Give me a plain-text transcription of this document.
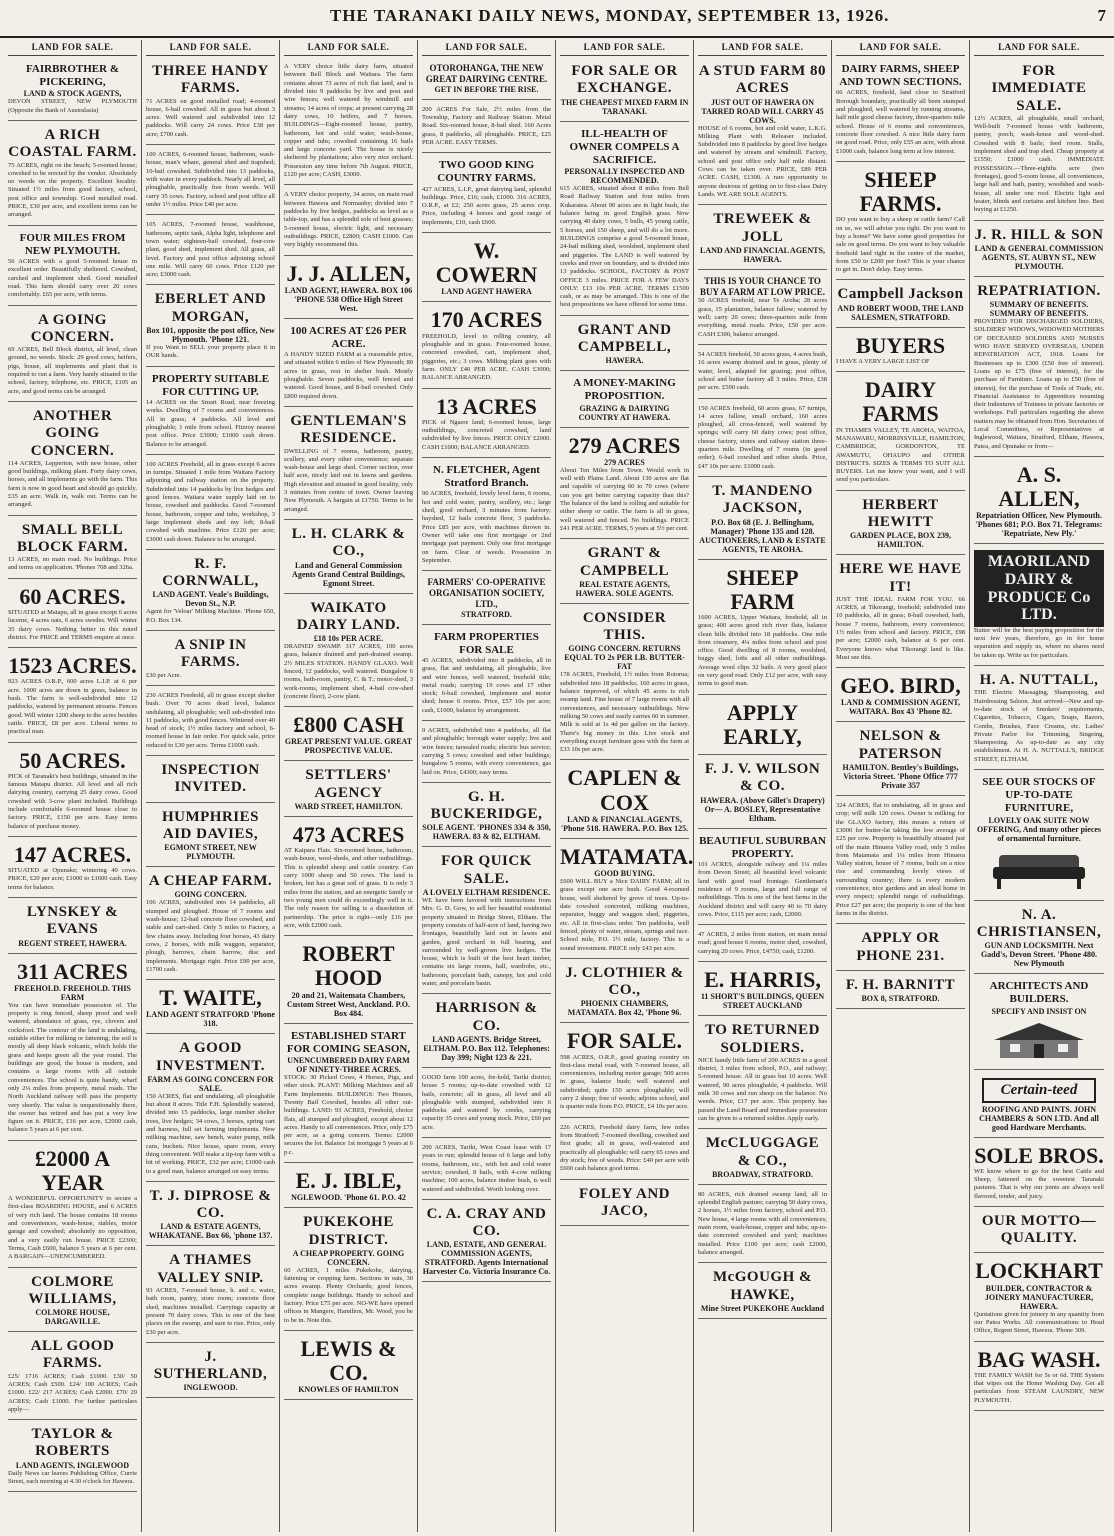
THE TARANAKI DAILY NEWS, MONDAY, SEPTEMBER 13, 1926.	7
LAND FOR SALE.
FAIRBROTHER & PICKERING,
LAND & STOCK AGENTS,
DEVON STREET, NEW PLYMOUTH (Opposite the Bank of Australasia)
A RICH COASTAL FARM.
75 ACRES, right on the beach; 5-roomed house; cowshed to be erected by the vendor. Absolutely no weeds on the property. Excellent locality. Situated 1½ miles from good factory, school, post office and township. Good metalled road. PRICE, £30 per acre, and excellent terms can be arranged.
FOUR MILES FROM NEW PLYMOUTH.
56 ACRES with a good 5-roomed house in excellent order. Beautifully sheltered. Cowshed, carshed and implement shed. Good metalled road. This farm should carry over 20 cows comfortably. £65 per acre, with terms.
A GOING CONCERN.
69 ACRES, Bell Block district, all level, clean ground, no weeds. Stock: 29 good cows, heifers, pigs, house, all implements and plant that is required to run a farm. Very handy situated to the school, factory, telephone, etc. PRICE, £105 an acre, and good terms can be arranged.
ANOTHER GOING CONCERN.
114 ACRES, Lepperton, with new house, other good buildings, milking plant. Forty dairy cows, horses, and all implements go with the farm. This farm is now in good heart and should go quickly. £35 an acre. Walk in, walk out. Terms can be arranged.
SMALL BELL BLOCK FARM.
13 ACRES, no main road. No buildings. Price and terms on application. 'Phones 708 and 326a.
60 ACRES.
SITUATED at Matapu, all in grass except 6 acres lucerne, 4 acres oats, 6 acres swedes. Will winter 35 dairy cows. Nothing better in this noted district. For PRICE and TERMS enquire at once.
1523 ACRES.
923 ACRES O.R.P., 600 acres L.I.P. at 6 per acre. 1000 acres are down in grass, balance in bush. The farm is well-subdivided into 12 paddocks, watered by permanent streams. Fences good. Will winter 1200 sheep to the acres besides cattle. PRICE, £8 per acre. Liberal terms to practical man.
50 ACRES.
PICK of Taranaki's best buildings, situated in the famous Matapu district. All level and all rich dairying country, carrying 25 dairy cows. Good cowshed with 3-cow plant included. Buildings include comfortable 6-roomed house close to factory. PRICE, £150 per acre. Easy terms balance of purchase money.
147 ACRES.
SITUATED at Opunake; wintering 40 cows. PRICE, £20 per acre; £1000 to £1600 cash. Easy terms for balance.
LYNSKEY & EVANS
REGENT STREET, HAWERA.
311 ACRES
FREEHOLD. FREEHOLD. THIS FARM
You can have immediate possession of. The property is ring fenced, sheep proof and well watered, abundance of grass, rye, clovers and cocksfoot. The contour of the land is undulating, suitable either for milking or fattening; the soil is mostly all deep black volcanic, which holds the grass and keeps green all the year round. The buildings are good, the house is modern, and contains a large rooms with all outside conveniences. The school is quite handy, wharf only 2¼ miles from property, metal roads. The North Auckland railway will pass the property very shortly. The value is unquestionably there, the owner has retired and has put a very low figure on it. PRICE, £16 per acre, £2000 cash, balance 5 years at 6 per cent.
£2000 A YEAR
A WONDERFUL OPPORTUNITY to secure a first-class BOARDING HOUSE, and 6 ACRES of very rich land. The house contains 18 rooms and conveniences, wash-house, stables, motor garage and cowshed; absolutely no opposition, and a very easily run house. PRICE £2300; Terms, Cash £600, balance 5 years at 6 per cent. A BARGAIN—UNENCUMBERED.
COLMORE WILLIAMS,
COLMORE HOUSE, DARGAVILLE.
ALL GOOD FARMS.
£25/ 1716 ACRES; Cash £1000. £30/ 50 ACRES; Cash £500. £24/ 100 ACRES; Cash £1000. £22/ 217 ACRES; Cash £2000. £70/ 29 ACRES; Cash £1000. For further particulars apply—
TAYLOR & ROBERTS
LAND AGENTS, INGLEWOOD
Daily News car leaves Publishing Office, Currie Street, each morning at 4.30 o'clock for Hawera.
LAND FOR SALE.
THREE HANDY FARMS.
71 ACRES on good metalled road; 4-roomed house, 6-bail cowshed. All in grass but about 3 acres. Well watered and subdivided into 12 paddocks. Will carry 24 cows. Price £38 per acre; £700 cash.
100 ACRES, 6-roomed house, bathroom, wash-house, man's whare, general shed and trapshed; 10-bail cowshed. Subdivided into 13 paddocks, with water in every paddock. Nearly all level, all ploughable, practically free from weeds. Will carry 35 cows. Factory, school and post office all under 1½ miles. Price £40 per acre.
105 ACRES, 7-roomed house, washhouse, bathroom, septic tank, Alpha light, telephone and town water; eighteen-bail cowshed, four-cow plant, good shed, implement shed. All grass, all level. Factory and post office adjoining school one mile. Will carry 60 cows. Price £120 per acre; £3000 cash.
EBERLET AND MORGAN,
Box 101, opposite the post office, New Plymouth. 'Phone 121.
If you Want to SELL your property place it in OUR hands.
PROPERTY SUITABLE FOR CUTTING UP.
14 ACRES on the Smart Road, near freezing works. Dwelling of 7 rooms and conveniences. All in grass; 4 paddocks. All level and ploughable; 1 mile from school. Fitzroy nearest post office. Price £3000; £1000 cash down. Balance to be arranged.
100 ACRES Freehold, all in grass except 6 acres in turnips. Situated 1 mile from Waitara Factory adjoining and railway station on the property. Subdivided into 14 paddocks by live hedges and good fences. Waitara water supply laid on to house, cowshed and paddocks. Good 7-roomed house, bathroom, copper and tubs, workshop, 3 large implement sheds and my loft; 8-bail cowshed with machine. Price £120 per acre; £3000 cash down. Balance to be arranged.
R. F. CORNWALL,
LAND AGENT. Veale's Buildings, Devon St., N.P.
Agent for 'Veloar' Milking Machine. 'Phone 650, P.O. Box 134.
A SNIP IN FARMS.
£30 per Acre.
230 ACRES Freehold, all in grass except shelter bush. Over 70 acres dead level, balance undulating, all ploughable; well sub-divided into 11 paddocks, with good fences. Wintered over 40 head of stock; 1½ miles factory and school, 6-roomed house in fair order. For quick sale, price reduced to £30 per acre. Terms £1000 cash.
INSPECTION INVITED.
HUMPHRIES AID DAVIES,
EGMONT STREET, NEW PLYMOUTH.
A CHEAP FARM.
GOING CONCERN.
106 ACRES, subdivided into 14 paddocks, all stumped and ploughed. House of 7 rooms and wash-house; 12-bail concrete floor cowshed, and stable and cart-shed. Only 5 miles to Factory, a few chains away. Including four horses, 43 dairy cows, 2 horses, with milk waggon, separator, plough, harrows, chain harrow, disc and implements. Mortgage right. Price £90 per acre, £1700 cash.
T. WAITE,
LAND AGENT STRATFORD 'Phone 318.
A GOOD INVESTMENT.
FARM AS GOING CONCERN FOR SALE.
150 ACRES, flat and undulating, all ploughable but about 8 acres. Title F.H. Splendidly watered, divided into 15 paddocks, large number shelter trees, live hedges; 34 cows, 3 horses, spring cart and harness, full set farming implements. New milking machine, saw bench, water pump, milk cans, buckets. Nice house, spare room, every thing convenient. Will make a tip-top farm with a bit of working. PRICE, £32 per acre; £1000 cash to a good man, balance arranged on easy terms.
T. J. DIPROSE & CO.
LAND & ESTATE AGENTS, WHAKATANE. Box 66, 'phone 137.
A THAMES VALLEY SNIP.
93 ACRES, 7-roomed house, h. and c. water, bath room, pantry, store room; concrete floor shed, machines installed. Carryings capacity at present 70 dairy cows. This is one of the best places on the swamp, and sure to rise. Price, only £30 per acre.
J. SUTHERLAND,
INGLEWOOD.
LAND FOR SALE.
A VERY choice little dairy farm, situated between Bell Block and Waitara. The farm contains about 73 acres of rich flat land, and is divided into 9 paddocks by live and post and wire fences; well watered by windmill and streams; 14 acres of crops; at present carrying 28 dairy cows, 10 heifers, and 7 horses. BUILDINGS—Eight-roomed house, pantry, bathroom, hot and cold water, wash-house, copper and tubs; cowshed containing 16 bails and large concrete yard. The house is nicely sheltered by plantations; also very nice orchard. Possession any time before 7th August. PRICE, £120 per acre; CASH, £3000.
A VERY choice property, 34 acres, on main road between Hawera and Normanby; divided into 7 paddocks by live hedges, paddocks as level as a table-top, and has a splendid sole of best grasses; 5-roomed house, electric light, and necessary outbuildings. PRICE, £2800; CASH £1000. Can very highly recommend this.
J. J. ALLEN,
LAND AGENT, HAWERA. BOX 106 'PHONE 538 Office High Street West.
100 ACRES AT £26 PER ACRE.
A HANDY SIZED FARM at a reasonable price, and situated within 6 miles of New Plymouth; 80 acres in grass, rest in shelter bush. Mostly ploughable. Seven paddocks, well fenced and watered. Good house, and 8-bail cowshed. Only £800 required down.
GENTLEMAN'S RESIDENCE.
DWELLING of 7 rooms, bathroom, pantry, scullery, and every other convenience; separate wash-house and large shed. Corner section, over half acre, nicely laid out in lawns and gardens. High elevation and situated in good locality, only 3 minutes from centre of town. Owner leaving New Plymouth. A bargain at £1750. Terms to be arranged.
L. H. CLARK & CO.,
Land and General Commission Agents Grand Central Buildings, Egmont Street.
WAIKATO DAIRY LAND.
£18 10s PER ACRE.
DRAINED SWAMP. 317 ACRES, 100 acres grass, balance drained and part-drained swamp. 2½ MILES STATION. HANDY GLAXO. Well fenced, 12 paddocks, well watered. Bungalow 6 rooms, bath-room, pantry, C. & T.; motor-shed, 3 work-rooms, implement shed, 4-bail cow-shed (concrete floor), 2-cow plant.
£800 CASH
GREAT PRESENT VALUE. GREAT PROSPECTIVE VALUE.
SETTLERS' AGENCY
WARD STREET, HAMILTON.
473 ACRES
AT Kaipara Flats. Six-roomed house, bathroom, wash-house, wool-sheds, and other outbuildings. This is splendid sheep and cattle country. Can carry 1000 sheep and 50 cows. The land is broken, but has a great soil of grass. It is only 3 miles from the station, and an energetic family or two young men could do exceedingly well in it. The only reason for selling is a dissolution of partnership. The price is right—only £16 per acre, with £2000 cash.
ROBERT HOOD
20 and 21, Waitemata Chambers, Custom Street West, Auckland. P.O. Box 484.
ESTABLISHED START FOR COMING SEASON,
UNENCUMBERED DAIRY FARM OF NINETY-THREE ACRES.
STOCK: 30 Picked Cows, 4 Horses, Pigs, and other stock. PLANT: Milking Machines and all Farm Implements. BUILDINGS: Two Houses, Twenty Bail Cowshed, besides all other out-buildings. LAND: 93 ACRES, Freehold, choice flats, all stumped and ploughed, except about 12 acres. Handy to all conveniences. Price, only £75 per acre, as a going concern. Terms: £2000 secures the lot. Balance 1st mortgage 5 years at 6 p.c.
E. J. IBLE,
NGLEWOOD. 'Phone 61. P.O. 42
PUKEKOHE DISTRICT.
A CHEAP PROPERTY. GOING CONCERN.
60 ACRES, 1 miles Pukekohe, dairying, fattening or cropping farm. Sections in oats, 30 acres swamp. Plenty Orchards; good fences, complete range buildings. Handy to school and factory. Price £75 per acre. NO-WE have opened offices in Mangere, Hamilton, Mr. Wood, you be to be in. Note this.
LEWIS & CO.
KNOWLES OF HAMILTON
LAND FOR SALE.
OTOROHANGA, THE NEW GREAT DAIRYING CENTRE.
GET IN BEFORE THE RISE.
200 ACRES For Sale, 2½ miles from the Township, Factory and Railway Station. Metal Road. Six-roomed house, 8-bail shed. 160 Acres grass, 8 paddocks, all ploughable. PRICE, £25 PER ACRE. EASY TERMS.
TWO GOOD KING COUNTRY FARMS.
427 ACRES, L.I.P., great dairying land, splendid buildings. Price, £16; cash, £1000. 316 ACRES, O.R.P., at £2; 250 acres grass, 25 acres crop. Price, including 4 horses and good range of implements, £10, cash £600.
W. COWERN
LAND AGENT HAWERA
170 ACRES
FREEHOLD, level to rolling country, all ploughable and in grass. Four-roomed house, concreted cowshed, cart, implement shed, piggeries, etc.; 3 cows. Milking plant goes with farm. ONLY £40 PER ACRE. CASH £3000; BALANCE ARRANGED.
13 ACRES
PICK of Ngaere land; 6-roomed house, large outbuildings, concreted cowshed, land subdivided by live fences. PRICE ONLY £2000. CASH £1000; BALANCE ARRANGED.
N. FLETCHER, Agent Stratford Branch.
90 ACRES, freehold, lovely level farm, 6 rooms, hot and cold water, pantry, scullery, etc.; large shed, good orchard, 3 minutes from factory; hayshed, 12 bails concrete floor, 3 paddocks. Price £85 per acre, with machines thrown in. Owner will take one first mortgage or 2nd mortgage part payment. Only one first mortgage on farm. Clear of weeds. Possession in September.
FARMERS' CO-OPERATIVE ORGANISATION SOCIETY, LTD.,
STRATFORD.
FARM PROPERTIES FOR SALE
45 ACRES, subdivided into 8 paddocks, all in grass, flat and undulating, all ploughable, live and wire fences, well watered, freehold title; metal roads; carrying 19 cows and 17 other stock; 6-bail cowshed, implement and motor shed; house 6 rooms. Price, £57 10s per acre; cash, £1000, balance by arrangement.
9 ACRES, subdivided into 4 paddocks, all flat and ploughable; borough water supply; live and wire fences; tarsealed roads; electric bus service; carrying 5 cows; cowshed and other buildings; bungalow 5 rooms, with every convenience, gas laid on. Price, £4300; easy terms.
G. H. BUCKERIDGE,
SOLE AGENT. 'PHONES 334 & 350, HAWERA. 83 & 82, ELTHAM.
FOR QUICK SALE.
A LOVELY ELTHAM RESIDENCE.
WE have been favored with instructions from Mrs. G. D. Gow, to sell her beautiful residential property situated in Bridge Street, Eltham. The property consists of half-acre of land, having two frontages, beautifully laid out in lawns and garden, good orchard in full bearing, and surrounded by well-grown live hedges. The house, which is built of the best heart timber, contains six large rooms, hall, wardrobe, etc., bathroom, porcelain bath, canopy, hot and cold water, and porcelain basin.
HARRISON & CO.
LAND AGENTS. Bridge Street, ELTHAM. P.O. Box 112. Telephones: Day 399; Night 123 & 221.
GOOD farm 100 acres, fre-hold, Tariki district; house 5 rooms; up-to-date cowshed with 12 bails, concrete; all in grass, all level and all ploughable with stumped, subdivided into 6 paddocks and watered by creeks, carrying capacity 35 cows and young stock. Price, £60 per acre.
200 ACRES, Tariki, West Coast lease with 17 years to run; splendid house of 6 large and lofty rooms, bathroom, etc., with hot and cold water service; cowshed, 8 bails, with 4-cow milking machine; 100 acres, balance timber bush, is well watered and subdivided. Worth looking over.
C. A. CRAY AND CO.
LAND, ESTATE, AND GENERAL COMMISSION AGENTS, STRATFORD. Agents International Harvester Co. Victoria Insurance Co.
LAND FOR SALE.
FOR SALE OR EXCHANGE.
THE CHEAPEST MIXED FARM IN TARANAKI.
ILL-HEALTH OF OWNER COMPELS A SACRIFICE.
PERSONALLY INSPECTED AND RECOMMENDED.
615 ACRES, situated about 8 miles from Bell Road Railway Station and four miles from Kukaratea. About 90 acres are in light bush, the balance being in good English grass. Now carrying 40 dairy cows, 5 bulls, 45 young cattle, 5 horses, and 150 sheep, and will do a lot more. BUILDINGS comprise a good 5-roomed house, 24-bail milking shed, woolshed, implement shed and piggeries. The LAND is well watered by creeks and river on boundary, and is divided into 13 paddocks. SCHOOL, FACTORY & POST OFFICE 3 miles. PRICE FOR A FEW DAYS ONLY: £13 10s PER ACRE. TERMS £1500 cash, or as may be arranged. This is one of the best propositions we have offered for some time.
GRANT AND CAMPBELL,
HAWERA.
A MONEY-MAKING PROPOSITION.
GRAZING & DAIRYING COUNTRY AT HAWERA.
279 ACRES
279 ACRES
About Ten Miles from Town. Would work in well with Plains Land. About 130 acres are flat and capable of carrying 60 to 70 cows (where can you get better carrying capacity than this? The balance of the land is rolling and suitable for either sheep or cattle. The farm is all in grass, well watered and fenced. No buildings. PRICE £41 PER ACRE. TERMS, 5 years at 5½ per cent.
GRANT & CAMPBELL
REAL ESTATE AGENTS, HAWERA. SOLE AGENTS.
CONSIDER THIS.
GOING CONCERN. RETURNS EQUAL TO 2s PER LB. BUTTER-FAT
178 ACRES, Freehold, 1½ miles from Rotorua; subdivided into 18 paddocks; 160 acres in grass, balance improved, of which 45 acres is rich swamp land. Fine house of 7 large rooms with all conveniences, and necessary outbuildings. Now milking 50 cows and easily carries 60 in summer. Milk is sold at 1s 4d per gallon on the factory. There's big money in this. Live stock and everything except furniture goes with the farm at £33 10s per acre.
CAPLEN & COX
LAND & FINANCIAL AGENTS, 'Phone 518. HAWERA. P.O. Box 125.
MATAMATA.
GOOD BUYING.
£600 WILL BUY a Nice DAIRY FARM; all in grass except one acre bush. Good 4-roomed house, well sheltered by grove of trees. Up-to-date cowshed concreted, milking machines, separator, buggy and waggon shed, piggeries, etc. All in first-class order. Ten paddocks, well fenced, plenty of water, stream, springs and race. School mile, P.O. 1½ mile, factory. This is a sound investment. PRICE only £43 per acre.
J. CLOTHIER & CO.,
PHOENIX CHAMBERS, MATAMATA. Box 42, 'Phone 96.
FOR SALE.
598 ACRES, O.R.P., good grazing country on first-class metal road, with 7-roomed house, all conveniences, including motor garage; 500 acres in grass, balance bush; well watered and subdivided; quite 150 acres ploughable; will carry 2 sheep; free of weeds; adjoins school, and is quarter mile from P.O. PRICE, £4 10s per acre.
226 ACRES, Freehold dairy farm, few miles from Stratford; 7-roomed dwelling, cowshed and first grade; all in grass, well-watered and practically all ploughable; will carry 65 cows and dry stock; free of weeds. Price: £40 per acre with £600 cash balance good terms.
FOLEY AND JACO,
LAND FOR SALE.
A STUD FARM 80 ACRES
JUST OUT OF HAWERA ON TARRED ROAD WILL CARRY 45 COWS.
HOUSE of 6 rooms, hot and cold water, L.K.G. Milking Plant with Releaser included. Subdivided into 8 paddocks by good live hedges and watered by stream and windmill. Factory, school and post office only half mile distant. Cows can be taken over. PRICE, £89 PER ACRE. CASH, £1300. A rare opportunity to anyone desirous of getting on to first-class Dairy Lands. WE ARE SOLE AGENTS.
TREWEEK & JOLL
LAND AND FINANCIAL AGENTS, HAWERA.
THIS IS YOUR CHANCE TO BUY A FARM AT LOW PRICE.
50 ACRES freehold, near Te Aroha; 28 acres grass, 15 plantation, balance fallow; watered by well; carry 20 cows; three-quarters mile from everything, metal roads. Price, £50 per acre. CASH £300, balance arranged.
54 ACRES freehold, 50 acres grass, 4 acres bush, 16 acres swamp drained and in grass, plenty of water, level, adapted for grazing; post office, school and butter factory all 3 miles. Price, £38 per acre. £500 cash.
150 ACRES freehold, 60 acres grass, 67 turnips, 14 acres fallow, small orchard, 160 acres ploughed, all cross-fenced, well watered by springs; will carry 60 dairy cows; post office, cheese factory, stores and railway station three-quarters mile. Dwelling of 7 rooms (in good order); 6-bail cowshed and other sheds. Price, £47 10s per acre. £1000 cash.
T. MANDENO JACKSON,
P.O. Box 68 (E. J. Bellingham, Manager) 'Phone 135 and 128. AUCTIONEERS, LAND & ESTATE AGENTS, TE AROHA.
SHEEP FARM
1600 ACRES, Upper Waitara, freehold, all in grass; 400 acres good rich river flats, balance clean hills divided into 18 paddocks. One mile from creamery, 4¼ miles from school and post office. Good dwelling of 8 rooms, woolshed, buggy shed, lofts and all other outbuildings. Average wool clips 32 bails. A very good place on very good road. Only £12 per acre, with easy terms to good man.
APPLY EARLY,
F. J. V. WILSON & CO.
HAWERA. (Above Gillet's Drapery) Or— A. BOSLEY, Representative Eltham.
BEAUTIFUL SUBURBAN PROPERTY.
101 ACRES, alongside railway and 1¼ miles from Devon Street; all beautiful level volcanic land with good road frontage. Gentleman's residence of 9 rooms, large and full range of outbuildings. This is one of the best farms in the Auckland district and will carry 40 to 70 dairy cows. Price, £115 per acre; cash, £2000.
47 ACRES, 2 miles from station, on main metal road; good house 6 rooms, motor shed, cowshed, carrying 20 cows. Price, £4750; cash, £1200.
E. HARRIS,
11 SHORT'S BUILDINGS, QUEEN STREET AUCKLAND
TO RETURNED SOLDIERS.
NICE handy little farm of 200 ACRES in a good district, 3 miles from school, P.O., and railway; 5-roomed house. All in grass but 10 acres. Well watered, 90 acres ploughable, 4 paddocks. Will milk 30 cows and run sheep on the balance. No weeds. Price, £17 per acre. This property has passed the Land Board and immediate possession can be given to a returned soldier. Apply early.
McCLUGGAGE & CO.,
BROADWAY, STRATFORD.
80 ACRES, rich drained swamp land, all in splendid English pasture; carrying 50 dairy cows, 2 horses, 1½ miles from factory, school and P.O. New house, 4 large rooms with all conveniences; main room, wash-house, copper and tubs; up-to-date concreted cowshed and yard; machines installed. Price £100 per acre; cash £2000, balance arranged.
McGOUGH & HAWKE,
Mine Street PUKEKOHE Auckland
LAND FOR SALE.
DAIRY FARMS, SHEEP AND TOWN SECTIONS.
66 ACRES, freehold, land close to Stratford Borough boundary, practically all been stumped and ploughed, well watered by running streams, half mile good cheese factory, three-quarters mile school. House of 6 rooms and conveniences, concrete floor cowshed. A nice little dairy farm on good road. Price, only £55 an acre, with about £1000 cash, balance long term at low interest.
SHEEP FARMS.
DO you want to buy a sheep or cattle farm? Call on us, we will advise you right. Do you want to buy a home? We have some good properties for sale on good terms. Do you want to buy valuable freehold land right in the centre of the market, from £50 to £200 per foot? This is your chance to get in. Don't delay. Easy terms.
Campbell Jackson
AND ROBERT WOOD, THE LAND SALESMEN, STRATFORD.
BUYERS
I HAVE A VERY LARGE LIST OF
DAIRY FARMS
IN THAMES VALLEY, TE AROHA, WAITOA, MANAWARU, MORRINSVILLE, HAMILTON, CAMBRIDGE, GORDONTON, TE AWAMUTU, OHAUPO and OTHER DISTRICTS. SIZES & TERMS TO SUIT ALL BUYERS. Let me know your want, and I will send you particulars.
HERBERT HEWITT
GARDEN PLACE, BOX 239, HAMILTON.
HERE WE HAVE IT!
JUST THE IDEAL FARM FOR YOU. 66 ACRES, at Tikorangi, freehold; subdivided into 10 paddocks, all in grass; 8-bail cowshed, bath, house 7 rooms, bathroom, every convenience; 1½ miles from school and factory. PRICE, £98 per acre; £2000 cash, balance at 6 per cent. Everyone knows what Tikorangi land is like. Must see this.
GEO. BIRD,
LAND & COMMISSION AGENT, WAITARA. Box 43 'Phone 82.
NELSON & PATERSON
HAMILTON. Bentley's Buildings, Victoria Street. 'Phone Office 777 Private 357
324 ACRES, flat to undulating, all in grass and crop; will milk 120 cows. Owner is milking for the GLAXO factory, this means a return of £3000 for butter-fat taking the low average of £25 per cow. Property is beautifully situated just off the main Hinuera Valley road, only 5 miles from Matamata and 1¼ miles from Hinuera Valley station, house of 7 rooms, built on a nice rise and commanding lovely views of surrounding country; there is every modern convenience, nice gardens and an ideal home in every respect; splendid range of outbuildings. Price £27 per acre; the property is one of the best farms in the district.
APPLY OR PHONE 231.
F. H. BARNITT
BOX 8, STRATFORD.
LAND FOR SALE.
FOR IMMEDIATE SALE.
12½ ACRES, all ploughable, small orchard, Well-built 7-roomed house with bathroom, pantry, porch, wash-house and wood-shed. Cowshed with 8 bails; feed room. Stalls, implement shed and trap shed. Cheap property at £1550; £1000 cash. IMMEDIATE POSSESSION.—Three-eighths acre (two frontages), good 5-room house, all conveniences, large hall and bath, pantry, woodshed and wash-house, all under one roof. Electric light and heater, blinds and curtains and kitchen lino. Best buying at £1250.
J. R. HILL & SON
LAND & GENERAL COMMISSION AGENTS, ST. AUBYN ST., NEW PLYMOUTH.
REPATRIATION.
SUMMARY OF BENEFITS. SUMMARY OF BENEFITS.
PROVIDED FOR DISCHARGED SOLDIERS, SOLDIERS' WIDOWS, WIDOWED MOTHERS OF DECEASED SOLDIERS AND NURSES WHO HAVE SERVED OVERSEAS, UNDER REPATRIATION ACT, 1918. Loans for Businesses up to £300 (£50 free of interest). Loans up to £75 (free of interest), for the purchase of Furniture. Loans up to £50 (free of interest), for the purchase of Tools of Trade, etc. Financial Assistance to Apprentices resuming their Indentures of Trainees in private factories or workshops. Full particulars regarding the above matters may be obtained from Hon. Secretaries of Local Committees, or Representatives at Inglewood, Waitara, Stratford, Eltham, Hawera, Patea, and Opunake or from—
A. S. ALLEN,
Repatriation Officer, New Plymouth. 'Phones 681; P.O. Box 71. Telegrams: 'Repatriate, New Ply.'
MAORILAND DAIRY & PRODUCE Co LTD.
Butter will be the best paying proposition for the next few years, therefore, go in for home separation and supply us, where no shares need be taken up. Write us for particulars.
H. A. NUTTALL,
THE Electric Massaging, Shampooing, and Hairdressing Saloon. Just arrived—New and up-to-date stock of Smokers' requirements, Cigarettes, Tobacco, Cigars, Soaps, Razors, Combs, Brushes, Face Creams, etc. Ladies' Private Parlor for Trimming, Singeing, Shampooing. As up-to-date as any city establishment. At H. A. NUTTALL'S, BRIDGE STREET, ELTHAM.
SEE OUR STOCKS OF UP-TO-DATE FURNITURE,
LOVELY OAK SUITE NOW OFFERING, And many other pieces of ornamental furniture.
N. A. CHRISTIANSEN,
GUN AND LOCKSMITH. Next Gadd's, Devon Street. 'Phone 480. New Plymouth
ARCHITECTS AND BUILDERS.
SPECIFY AND INSIST ON
Certain-teed
ROOFING AND PAINTS. JOHN CHAMBERS & SON LTD. And all good Hardware Merchants.
SOLE BROS.
WE know where to go for the best Cattle and Sheep, fattened on the sweetest Taranaki pastures. That is why our joints are always well flavored, tender, and juicy.
OUR MOTTO—QUALITY.
LOCKHART
BUILDER, CONTRACTOR & JOINERY MANUFACTURER, HAWERA.
Quotations given for joinery in any quantity from our Patea Works. All communications to Head Office, Regent Street, Hawera. 'Phone 309.
BAG WASH.
THE FAMILY WASH for 5s or 6d. THE System that wipes out the Home Washing Day. Get all particulars from STEAM LAUNDRY, NEW PLYMOUTH.
